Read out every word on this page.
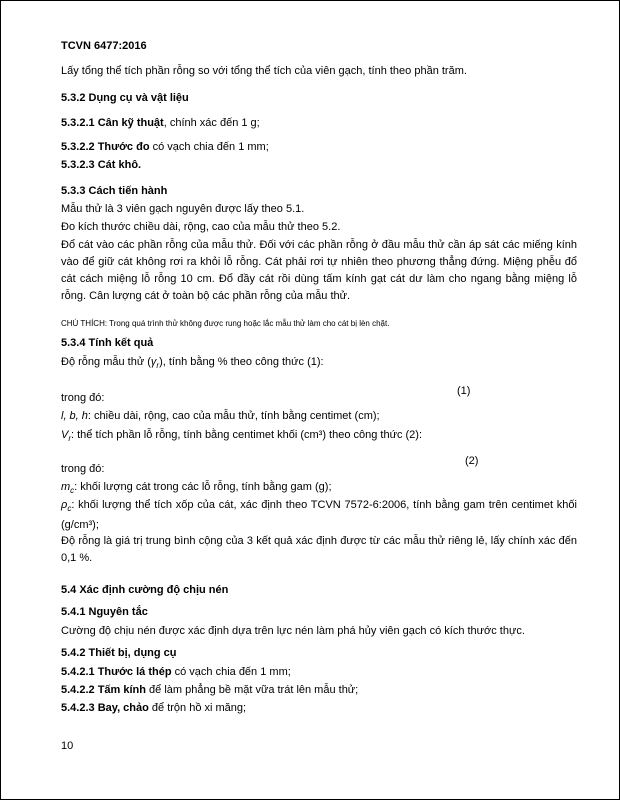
TCVN 6477:2016
Lấy tổng thể tích phần rỗng so với tổng thể tích của viên gạch, tính theo phần trăm.
5.3.2 Dụng cụ và vật liệu
5.3.2.1 Cân kỹ thuật, chính xác đến 1 g;
5.3.2.2 Thước đo có vạch chia đến 1 mm;
5.3.2.3 Cát khô.
5.3.3 Cách tiến hành
Mẫu thử là 3 viên gạch nguyên được lấy theo 5.1.
Đo kích thước chiều dài, rộng, cao của mẫu thử theo 5.2.
Đổ cát vào các phần rỗng của mẫu thử. Đối với các phần rỗng ở đầu mẫu thử cần áp sát các miếng kính vào để giữ cát không rơi ra khỏi lỗ rỗng. Cát phải rơi tự nhiên theo phương thẳng đứng. Miệng phễu đổ cát cách miệng lỗ rỗng 10 cm. Đổ đầy cát rồi dùng tấm kính gạt cát dư làm cho ngang bằng miệng lỗ rỗng. Cân lượng cát ở toàn bộ các phần rỗng của mẫu thử.
CHÚ THÍCH: Trong quá trình thử không được rung hoặc lắc mẫu thử làm cho cát bị lèn chặt.
5.3.4 Tính kết quả
Độ rỗng mẫu thử $(\gamma_r)$, tính bằng % theo công thức (1):
(1)
trong đó:
l, b, h: chiều dài, rộng, cao của mẫu thử, tính bằng centimet (cm);
$V_r$: thể tích phần lỗ rỗng, tính bằng centimet khối (cm³) theo công thức (2):
(2)
trong đó:
$m_c$: khối lượng cát trong các lỗ rỗng, tính bằng gam (g);
$\rho_c$: khối lượng thể tích xốp của cát, xác định theo TCVN 7572-6:2006, tính bằng gam trên centimet khối (g/cm³);
Độ rỗng là giá trị trung bình cộng của 3 kết quả xác định được từ các mẫu thử riêng lẻ, lấy chính xác đến 0,1 %.
5.4 Xác định cường độ chịu nén
5.4.1 Nguyên tắc
Cường độ chịu nén được xác định dựa trên lực nén làm phá hủy viên gạch có kích thước thực.
5.4.2 Thiết bị, dụng cụ
5.4.2.1 Thước lá thép có vạch chia đến 1 mm;
5.4.2.2 Tấm kính để làm phẳng bề mặt vữa trát lên mẫu thử;
5.4.2.3 Bay, chảo để trộn hồ xi măng;
10
